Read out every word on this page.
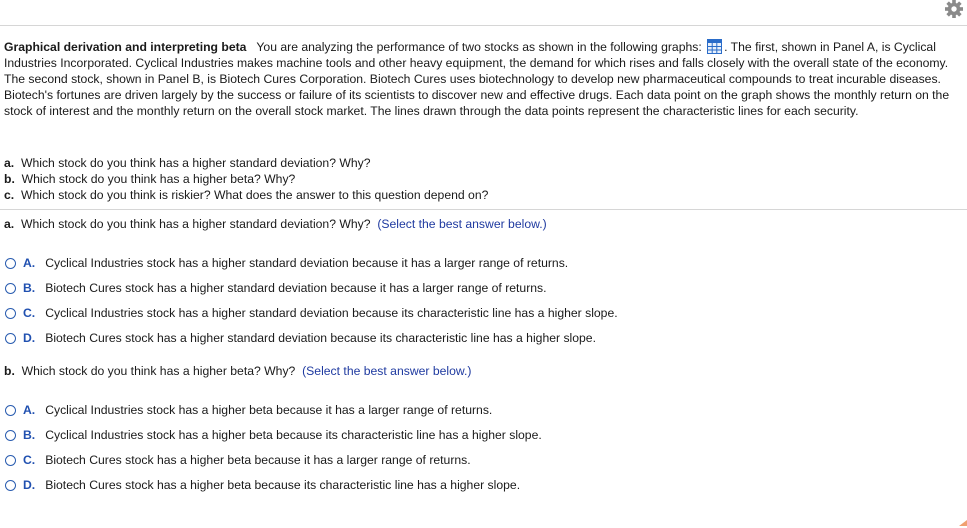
Graphical derivation and interpreting beta You are analyzing the performance of two stocks as shown in the following graphs: . The first, shown in Panel A, is Cyclical Industries Incorporated. Cyclical Industries makes machine tools and other heavy equipment, the demand for which rises and falls closely with the overall state of the economy. The second stock, shown in Panel B, is Biotech Cures Corporation. Biotech Cures uses biotechnology to develop new pharmaceutical compounds to treat incurable diseases. Biotech's fortunes are driven largely by the success or failure of its scientists to discover new and effective drugs. Each data point on the graph shows the monthly return on the stock of interest and the monthly return on the overall stock market. The lines drawn through the data points represent the characteristic lines for each security.
a. Which stock do you think has a higher standard deviation? Why?
b. Which stock do you think has a higher beta? Why?
c. Which stock do you think is riskier? What does the answer to this question depend on?
a. Which stock do you think has a higher standard deviation? Why? (Select the best answer below.)
A. Cyclical Industries stock has a higher standard deviation because it has a larger range of returns.
B. Biotech Cures stock has a higher standard deviation because it has a larger range of returns.
C. Cyclical Industries stock has a higher standard deviation because its characteristic line has a higher slope.
D. Biotech Cures stock has a higher standard deviation because its characteristic line has a higher slope.
b. Which stock do you think has a higher beta? Why? (Select the best answer below.)
A. Cyclical Industries stock has a higher beta because it has a larger range of returns.
B. Cyclical Industries stock has a higher beta because its characteristic line has a higher slope.
C. Biotech Cures stock has a higher beta because it has a larger range of returns.
D. Biotech Cures stock has a higher beta because its characteristic line has a higher slope.
